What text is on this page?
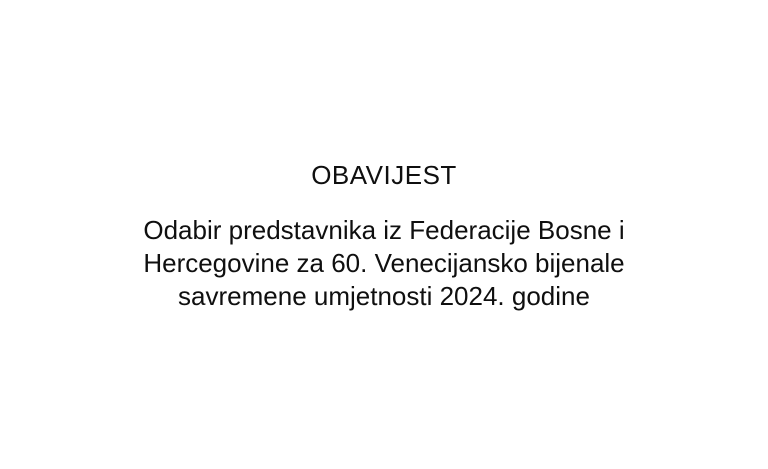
OBAVIJEST
Odabir predstavnika iz Federacije Bosne i
Hercegovine za 60. Venecijansko bijenale
savremene umjetnosti 2024. godine
